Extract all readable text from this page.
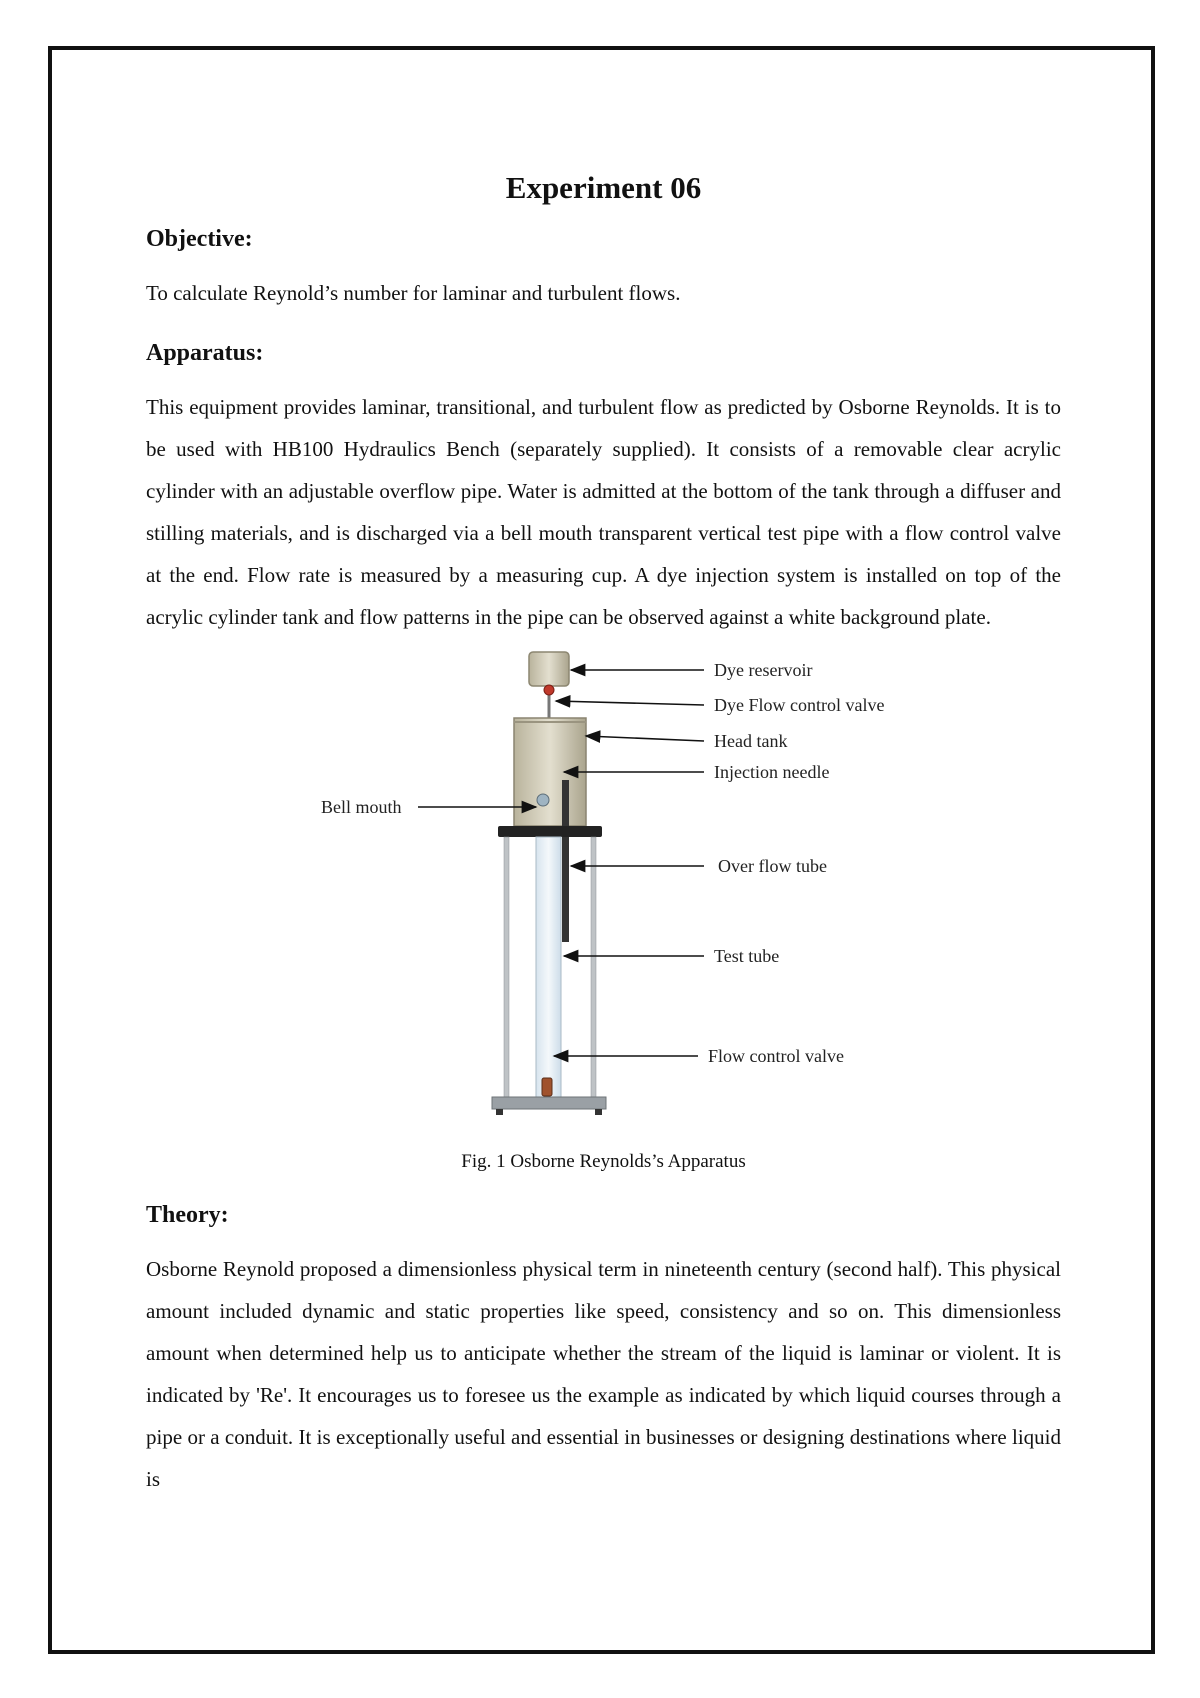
Experiment 06
Objective:

To calculate Reynold’s number for laminar and turbulent flows.

Apparatus:

This equipment provides laminar, transitional, and turbulent flow as predicted by Osborne Reynolds. It is to be used with HB100 Hydraulics Bench (separately supplied). It consists of a removable clear acrylic cylinder with an adjustable overflow pipe. Water is admitted at the bottom of the tank through a diffuser and stilling materials, and is discharged via a bell mouth transparent vertical test pipe with a flow control valve at the end. Flow rate is measured by a measuring cup. A dye injection system is installed on top of the acrylic cylinder tank and flow patterns in the pipe can be observed against a white background plate.

Dye reservoir
Dye Flow control valve
Head tank
Injection needle
Bell mouth
Over flow tube
Test tube
Flow control valve

Fig. 1 Osborne Reynolds’s Apparatus

Theory:

Osborne Reynold proposed a dimensionless physical term in nineteenth century (second half). This physical amount included dynamic and static properties like speed, consistency and so on. This dimensionless amount when determined help us to anticipate whether the stream of the liquid is laminar or violent. It is indicated by 'Re'. It encourages us to foresee us the example as indicated by which liquid courses through a pipe or a conduit. It is exceptionally useful and essential in businesses or designing destinations where liquid is
